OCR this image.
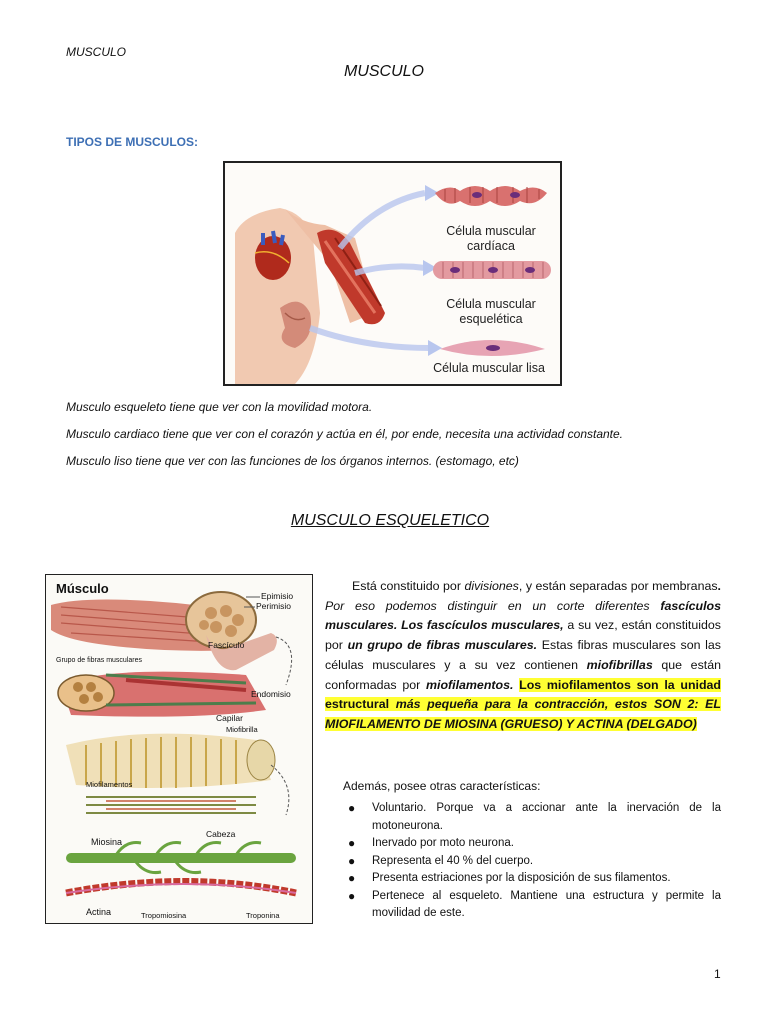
MUSCULO
MUSCULO
TIPOS DE MUSCULOS:
Célula muscular
cardíaca
Célula muscular
esquelética
Célula muscular lisa
Musculo esqueleto tiene que ver con la movilidad motora.
Musculo cardiaco tiene que ver con el corazón y actúa en él, por ende, necesita una actividad constante.
Musculo liso tiene que ver con las funciones de los órganos internos. (estomago, etc)
MUSCULO ESQUELETICO
Músculo	Epimisio
Perimisio
Fascículo
Grupo de fibras musculares
Endomisio
Capilar
Miofibrilla
Miofilamentos
Miosina
Cabeza
Actina	Tropomiosina	Troponina
Está constituido por divisiones, y están separadas por membranas. Por eso podemos distinguir en un corte diferentes fascículos musculares. Los fascículos musculares, a su vez, están constituidos por un grupo de fibras musculares. Estas fibras musculares son las células musculares y a su vez contienen miofibrillas que están conformadas por miofilamentos. Los miofilamentos son la unidad estructural más pequeña para la contracción, estos SON 2: EL MIOFILAMENTO DE MIOSINA (GRUESO) Y ACTINA (DELGADO)
Además, posee otras características:
● Voluntario. Porque va a accionar ante la inervación de la motoneurona.
● Inervado por moto neurona.
● Representa el 40 % del cuerpo.
● Presenta estriaciones por la disposición de sus filamentos.
● Pertenece al esqueleto. Mantiene una estructura y permite la movilidad de este.
1
